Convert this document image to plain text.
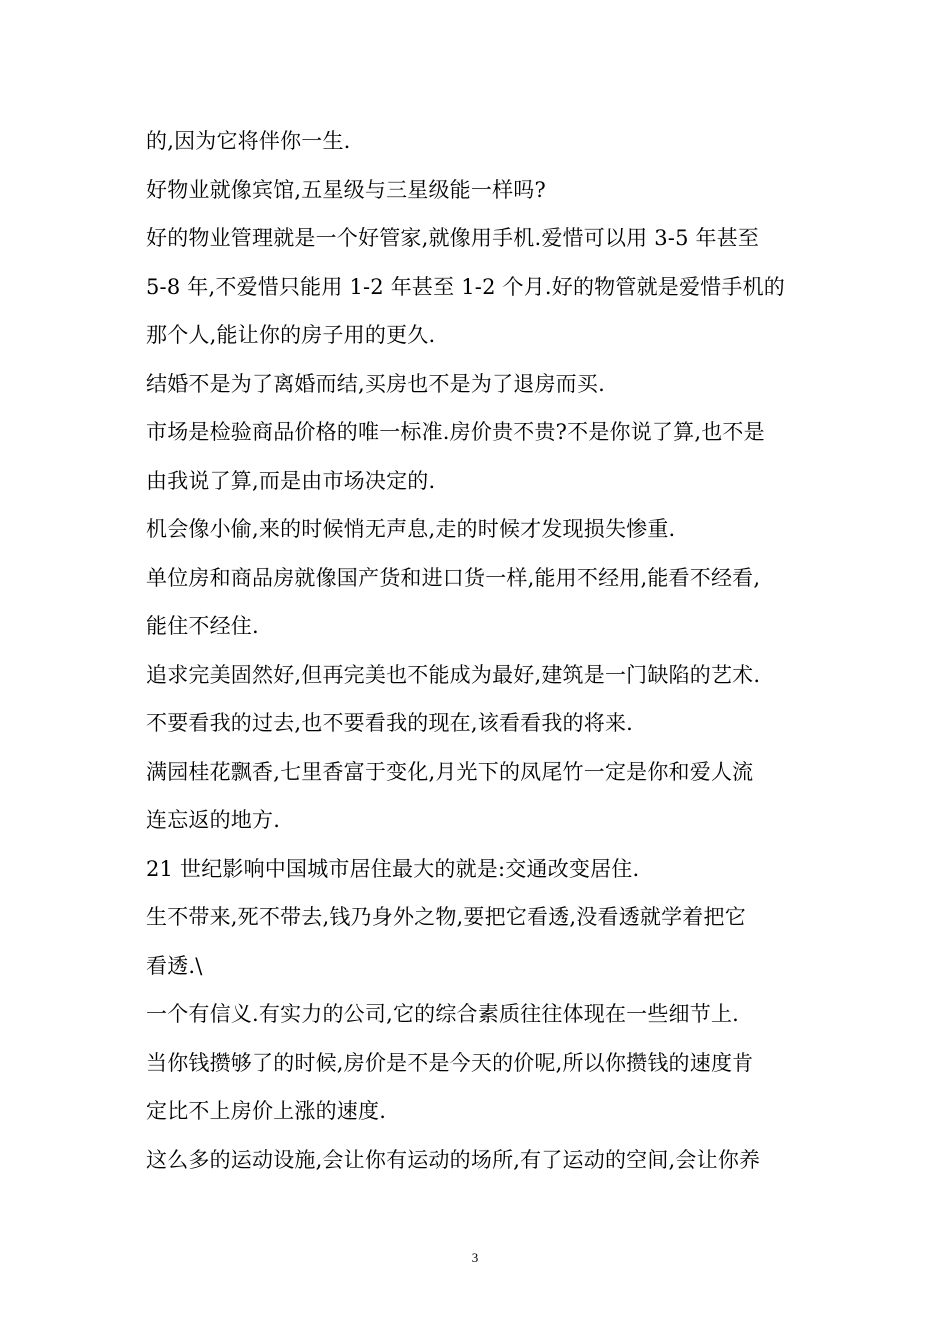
的,因为它将伴你一生.
好物业就像宾馆,五星级与三星级能一样吗?
好的物业管理就是一个好管家,就像用手机.爱惜可以用 3-5 年甚至
5-8 年,不爱惜只能用 1-2 年甚至 1-2 个月.好的物管就是爱惜手机的
那个人,能让你的房子用的更久.
结婚不是为了离婚而结,买房也不是为了退房而买.
市场是检验商品价格的唯一标准.房价贵不贵?不是你说了算,也不是
由我说了算,而是由市场决定的.
机会像小偷,来的时候悄无声息,走的时候才发现损失惨重.
单位房和商品房就像国产货和进口货一样,能用不经用,能看不经看,
能住不经住.
追求完美固然好,但再完美也不能成为最好,建筑是一门缺陷的艺术.
不要看我的过去,也不要看我的现在,该看看我的将来.
满园桂花飘香,七里香富于变化,月光下的凤尾竹一定是你和爱人流
连忘返的地方.
21 世纪影响中国城市居住最大的就是:交通改变居住.
生不带来,死不带去,钱乃身外之物,要把它看透,没看透就学着把它
看透.\
一个有信义.有实力的公司,它的综合素质往往体现在一些细节上.
当你钱攒够了的时候,房价是不是今天的价呢,所以你攒钱的速度肯
定比不上房价上涨的速度.
这么多的运动设施,会让你有运动的场所,有了运动的空间,会让你养
3
